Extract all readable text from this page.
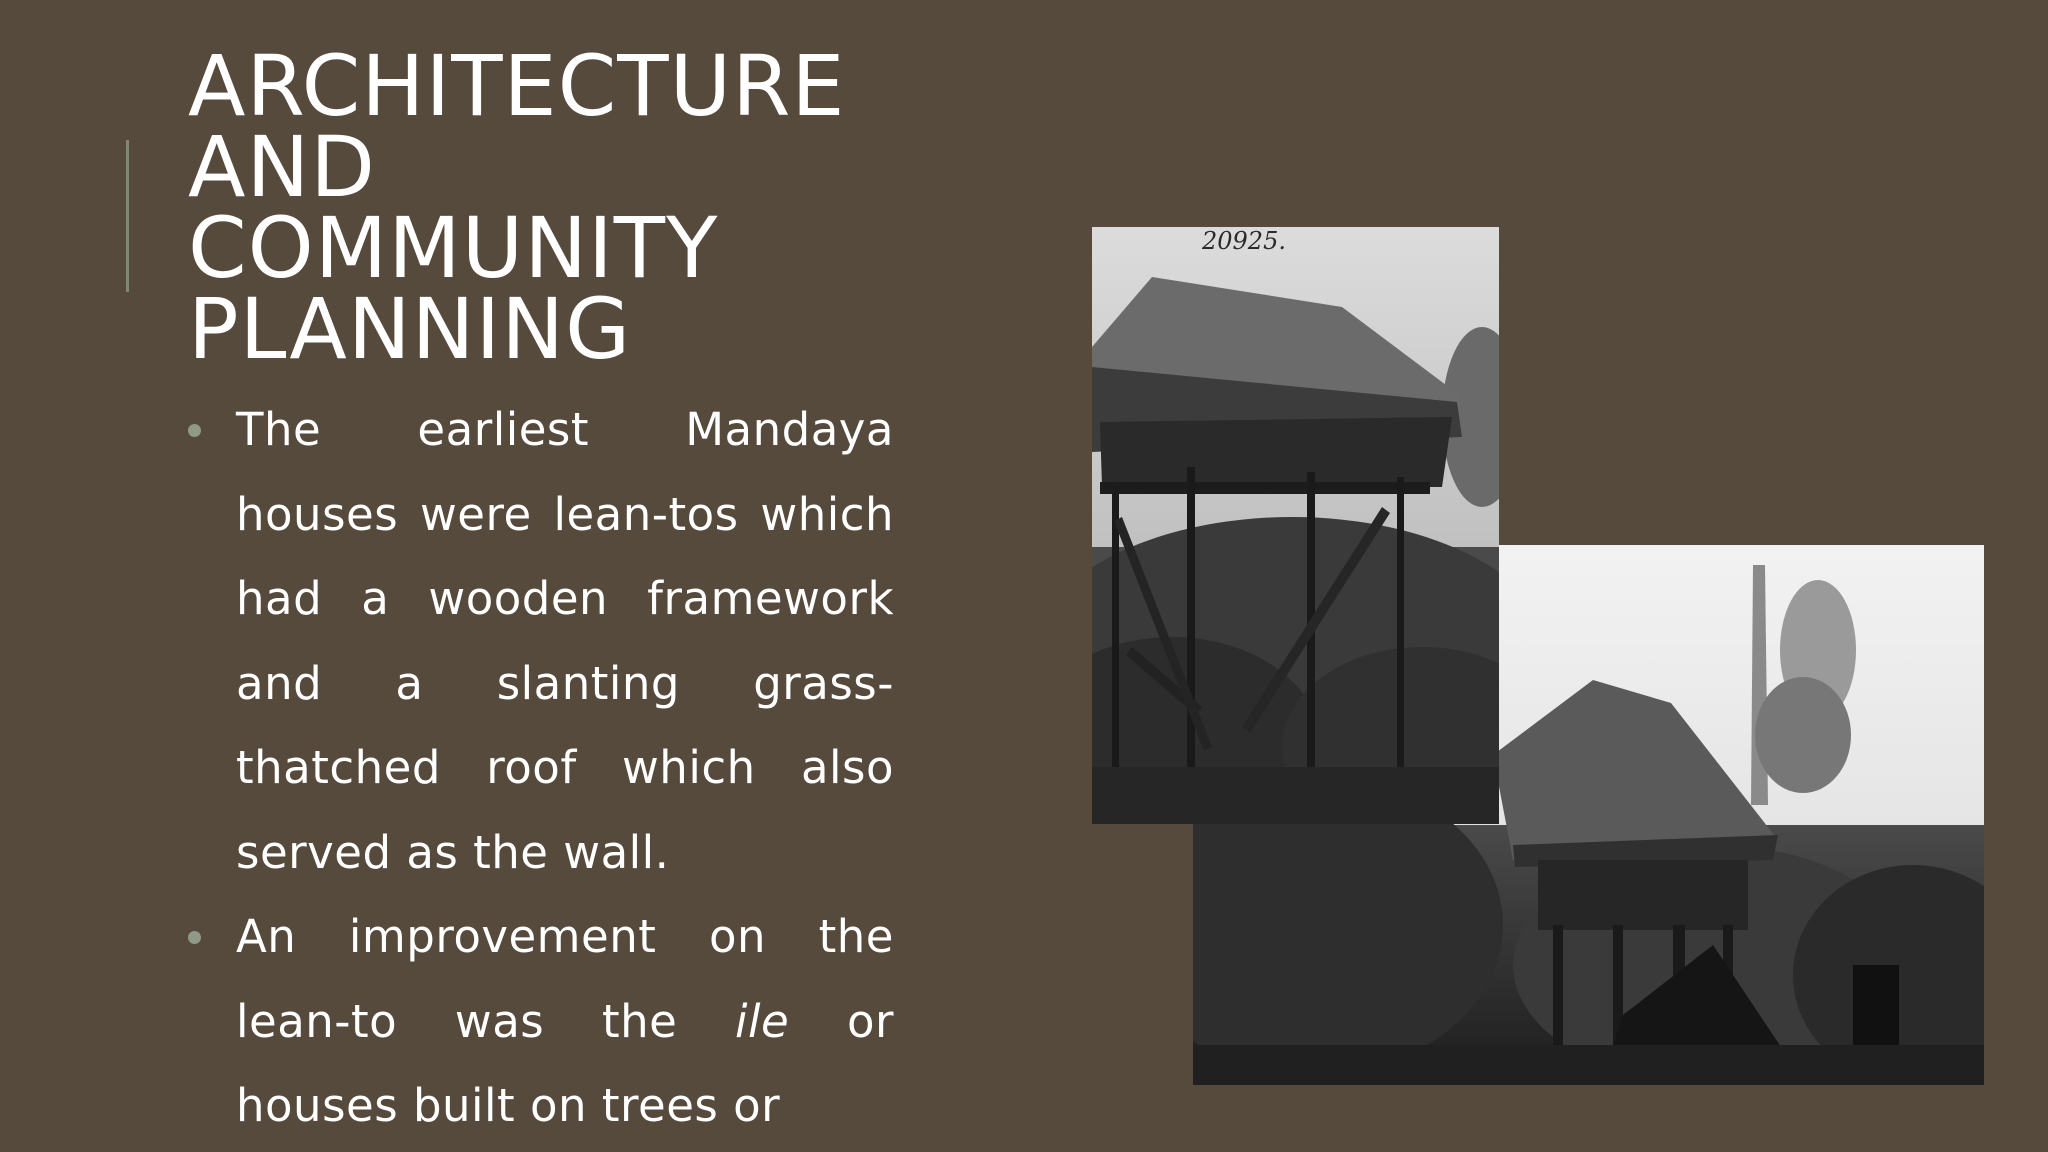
ARCHITECTURE
AND
COMMUNITY
PLANNING
The earliest Mandaya houses were lean-tos which had a wooden framework and a slanting grass-thatched roof which also served as the wall.
An improvement on the lean-to was the ile or houses built on trees or
20925.
